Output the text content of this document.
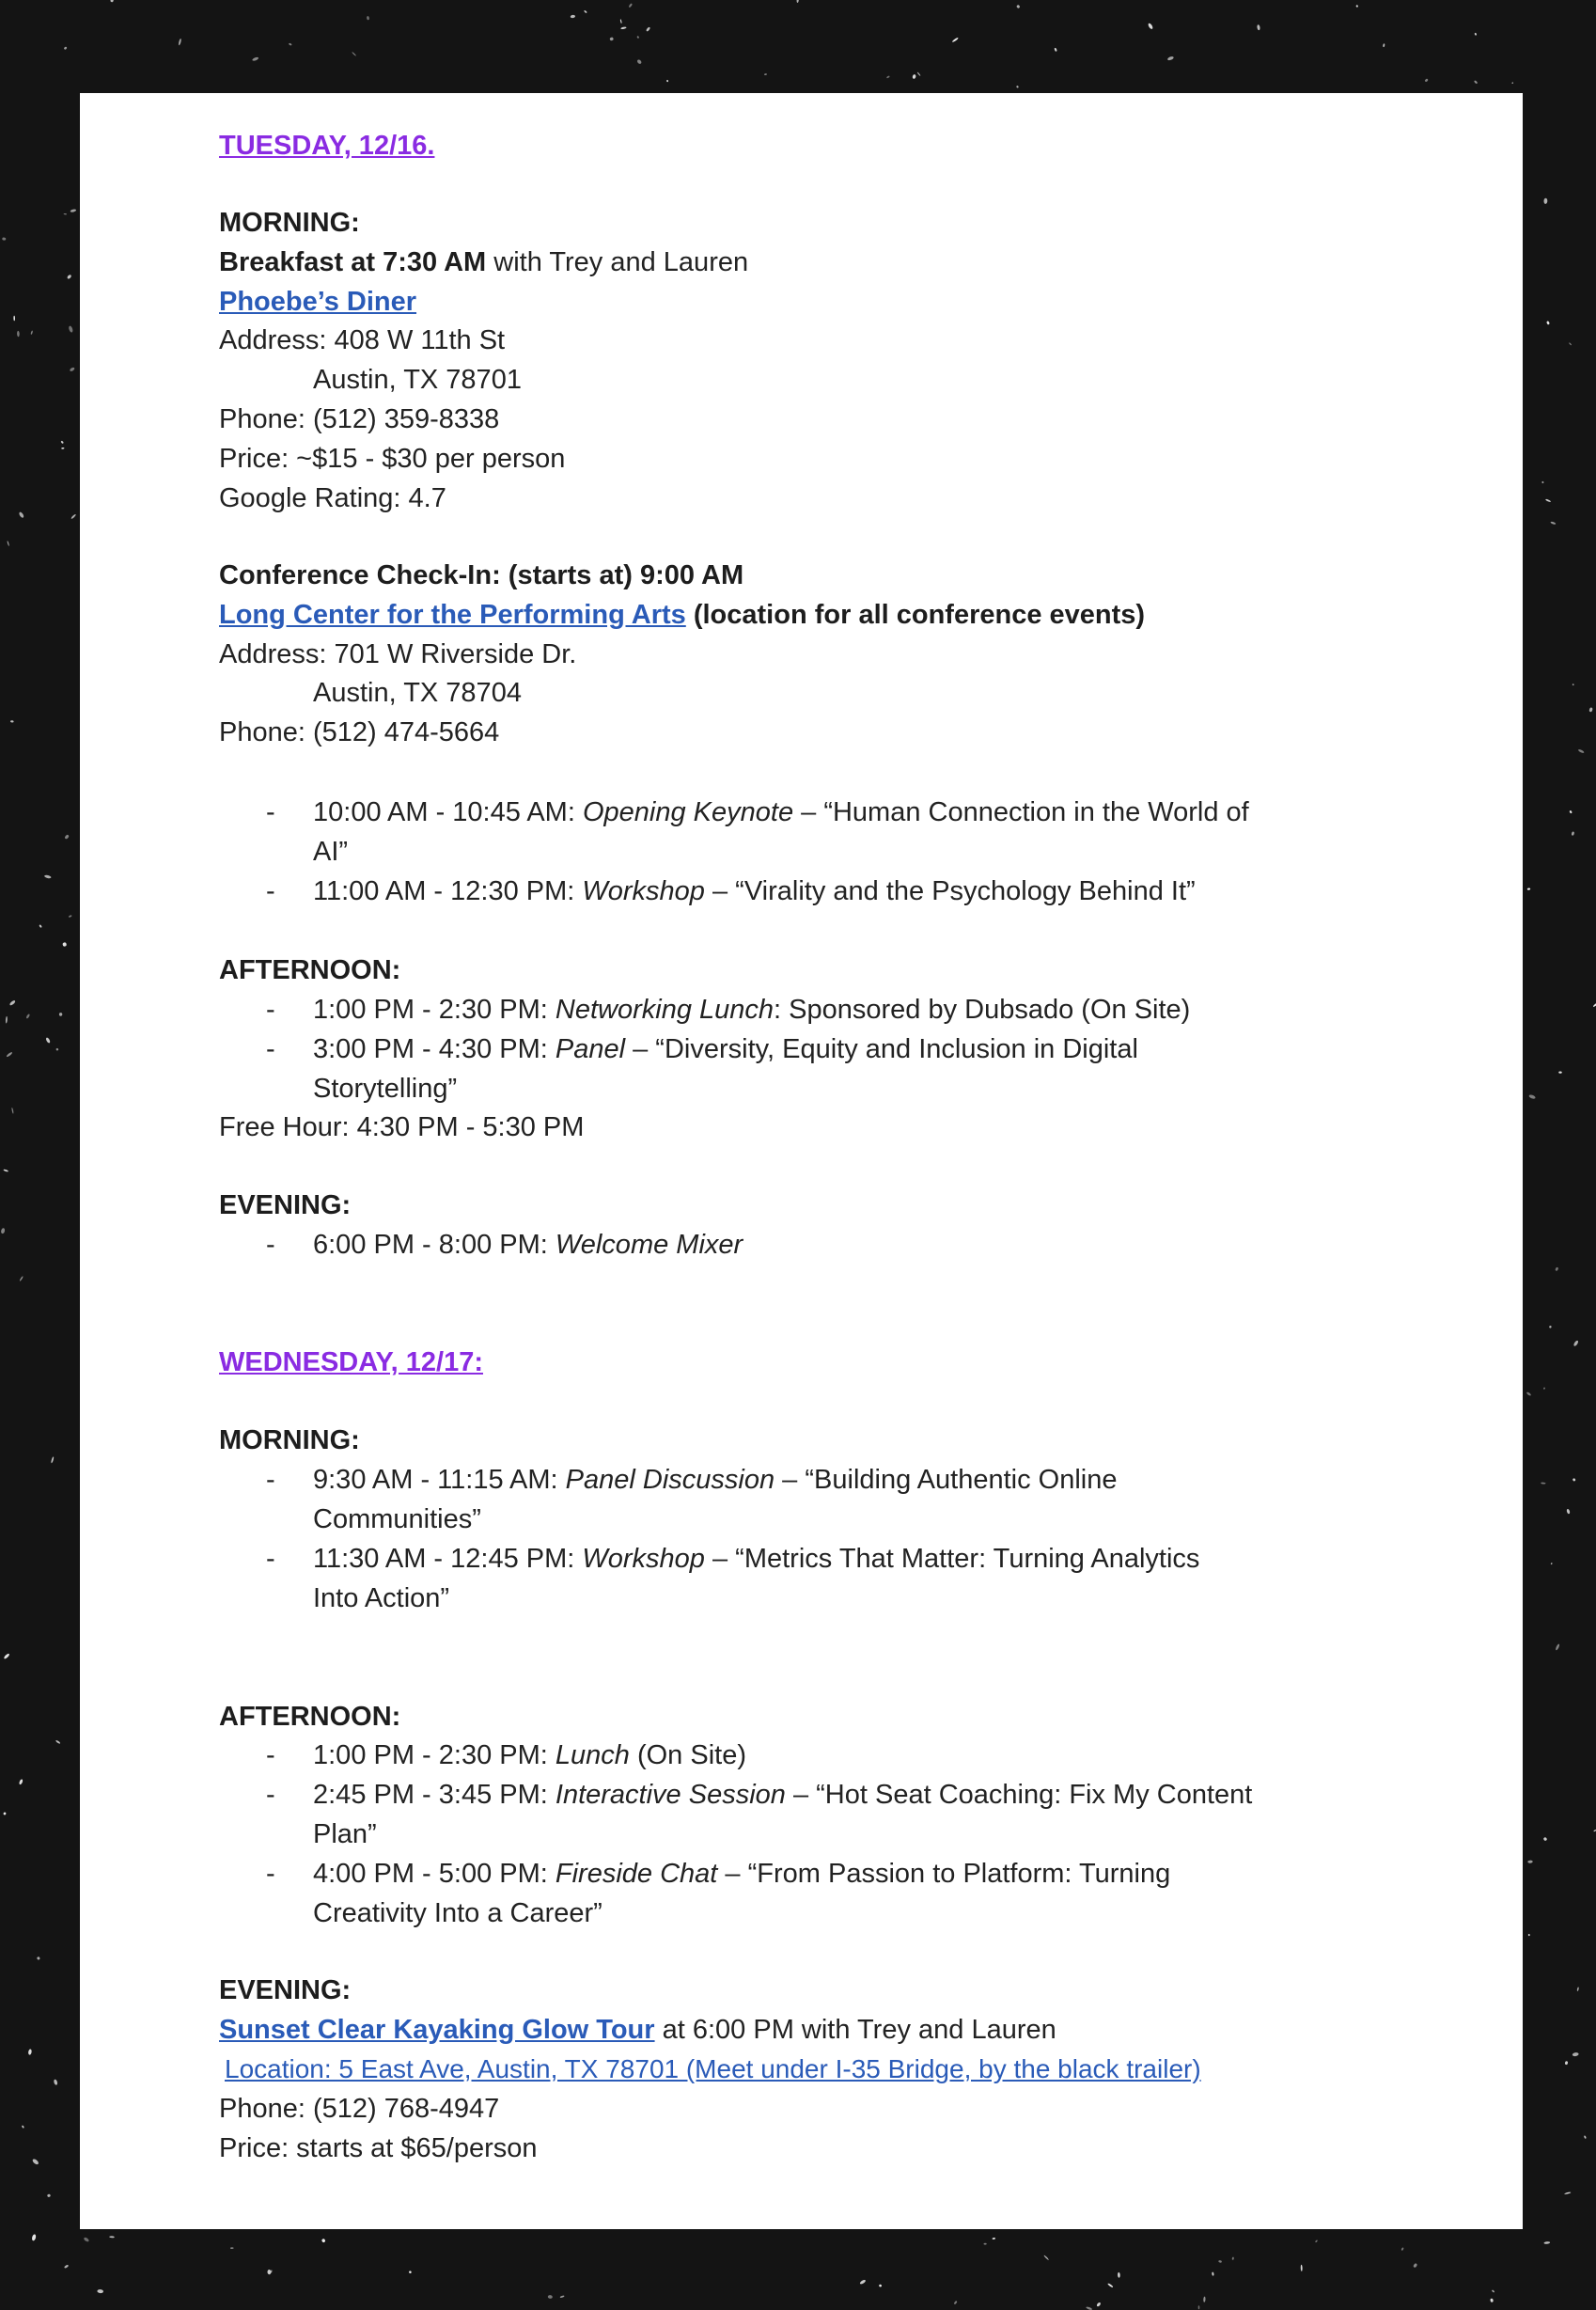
TUESDAY, 12/16.
MORNING:
Breakfast at 7:30 AM with Trey and Lauren
Phoebe’s Diner
Address: 408 W 11th St
Austin, TX 78701
Phone: (512) 359-8338
Price: ~$15 - $30 per person
Google Rating: 4.7
Conference Check-In: (starts at) 9:00 AM
Long Center for the Performing Arts (location for all conference events)
Address: 701 W Riverside Dr.
Austin, TX 78704
Phone: (512) 474-5664
- 10:00 AM - 10:45 AM: Opening Keynote – “Human Connection in the World of
AI”
- 11:00 AM - 12:30 PM: Workshop – “Virality and the Psychology Behind It”
AFTERNOON:
- 1:00 PM - 2:30 PM: Networking Lunch: Sponsored by Dubsado (On Site)
- 3:00 PM - 4:30 PM: Panel – “Diversity, Equity and Inclusion in Digital
Storytelling”
Free Hour: 4:30 PM - 5:30 PM
EVENING:
- 6:00 PM - 8:00 PM: Welcome Mixer
WEDNESDAY, 12/17:
MORNING:
- 9:30 AM - 11:15 AM: Panel Discussion – “Building Authentic Online
Communities”
- 11:30 AM - 12:45 PM: Workshop – “Metrics That Matter: Turning Analytics
Into Action”
AFTERNOON:
- 1:00 PM - 2:30 PM: Lunch (On Site)
- 2:45 PM - 3:45 PM: Interactive Session – “Hot Seat Coaching: Fix My Content
Plan”
- 4:00 PM - 5:00 PM: Fireside Chat – “From Passion to Platform: Turning
Creativity Into a Career”
EVENING:
Sunset Clear Kayaking Glow Tour at 6:00 PM with Trey and Lauren
Location: 5 East Ave, Austin, TX 78701 (Meet under I-35 Bridge, by the black trailer)
Phone: (512) 768-4947
Price: starts at $65/person
